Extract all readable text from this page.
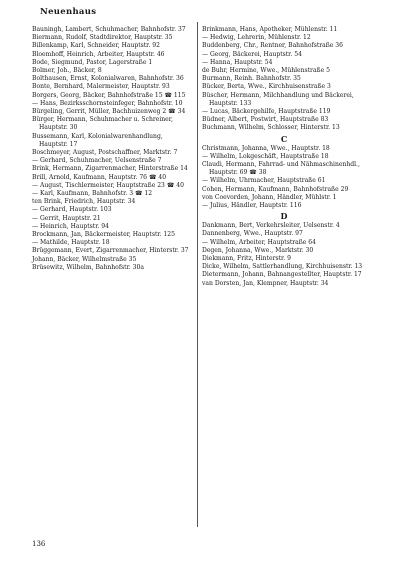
Neuenhaus
Bauningh, Lambert, Schuhmacher, Bahnhofstr. 37
Biermann, Rudolf, Stadtdirektor, Hauptstr. 35
Billenkamp, Karl, Schneider, Hauptstr. 92
Bloemhoff, Heinrich, Arbeiter, Hauptstr. 46
Bode, Siegmund, Pastor, Lagerstraße 1
Bolmer, Joh., Bäcker, 8
Bolthausen, Ernst, Kolonialwaren, Bahnhofstr. 36
Bonte, Bernhard, Malermeister, Hauptstr. 93
Borgers, Georg, Bäcker, Bahnhofstraße 15 ☎ 115
— Hans, Bezirksschornsteinfeger, Bahnhofstr. 10
Bürgeling, Gerrit, Müller, Bachhuizenweg 2 ☎ 34
Bürger, Hermann, Schuhmacher u. Schreiner, Hauptstr. 30
Bussemann, Karl, Kolonialwarenhandlung, Hauptstr. 17
Boschmeyer, August, Postschaffner, Marktstr. 7
— Gerhard, Schuhmacher, Uelsenstraße 7
Brink, Hermann, Zigarrenmacher, Hinterstraße 14
Brill, Arnold, Kaufmann, Hauptstr. 76 ☎ 40
— August, Tischlermeister, Hauptstraße 23 ☎ 40
— Karl, Kaufmann, Bahnhofstr. 3 ☎ 12
ten Brink, Friedrich, Hauptstr. 34
— Gerhard, Hauptstr. 103
— Gerrit, Hauptstr. 21
— Heinrich, Hauptstr. 94
Brockmann, Jan, Bäckermeister, Hauptstr. 125
— Mathilde, Hauptstr. 18
Brüggemann, Evert, Zigarrenmacher, Hinterstr. 37
Johann, Bäcker, Wilhelmstraße 35
Brüsewitz, Wilhelm, Bahnhofstr. 30a
Brinkmann, Hans, Apotheker, Mühlenstr. 11
— Hedwig, Lehrerin, Mühlenstr. 12
Buddenberg, Chr., Rentner, Bahnhofstraße 36
— Georg, Bäckerei, Hauptstr. 54
— Hanna, Hauptstr. 54
de Buhr, Hermine, Wwe., Mühlenstraße 5
Burmann, Reinh. Bahnhofstr. 35
Bücker, Berta, Wwe., Kirchhuisenstraße 3
Büscher, Hermann, Milchhandlung und Bäckerei, Hauptstr. 133
— Lucas, Bäckergehilfe, Hauptstraße 119
Büdner, Albert, Postwirt, Hauptstraße 83
Buchmann, Wilhelm, Schlosser, Hinterstr. 13
C
Christmann, Johanna, Wwe., Hauptstr. 18
— Wilhelm, Lokgeschäft, Hauptstraße 18
Claudi, Hermann, Fahrrad- und Nähmaschinenhdl., Hauptstr. 69 ☎ 38
— Wilhelm, Uhrmacher, Hauptstraße 61
Cohen, Hermann, Kaufmann, Bahnhofstraße 29
von Coevorden, Johann, Händler, Mühlstr. 1
— Julius, Händler, Hauptstr. 116
D
Dankmann, Bert, Verkehrsleiter, Uelsenstr. 4
Dannenberg, Wwe., Hauptstr. 97
— Wilhelm, Arbeiter, Hauptstraße 64
Degen, Johanna, Wwe., Marktstr. 30
Diekmann, Fritz, Hinterstr. 9
Dicke, Wilhelm, Sattlerhandlung, Kirchhuisenstr. 13
Dietermann, Johann, Bahnangestellter, Hauptstr. 17
van Dorsten, Jan, Klempner, Hauptstr. 34
136
